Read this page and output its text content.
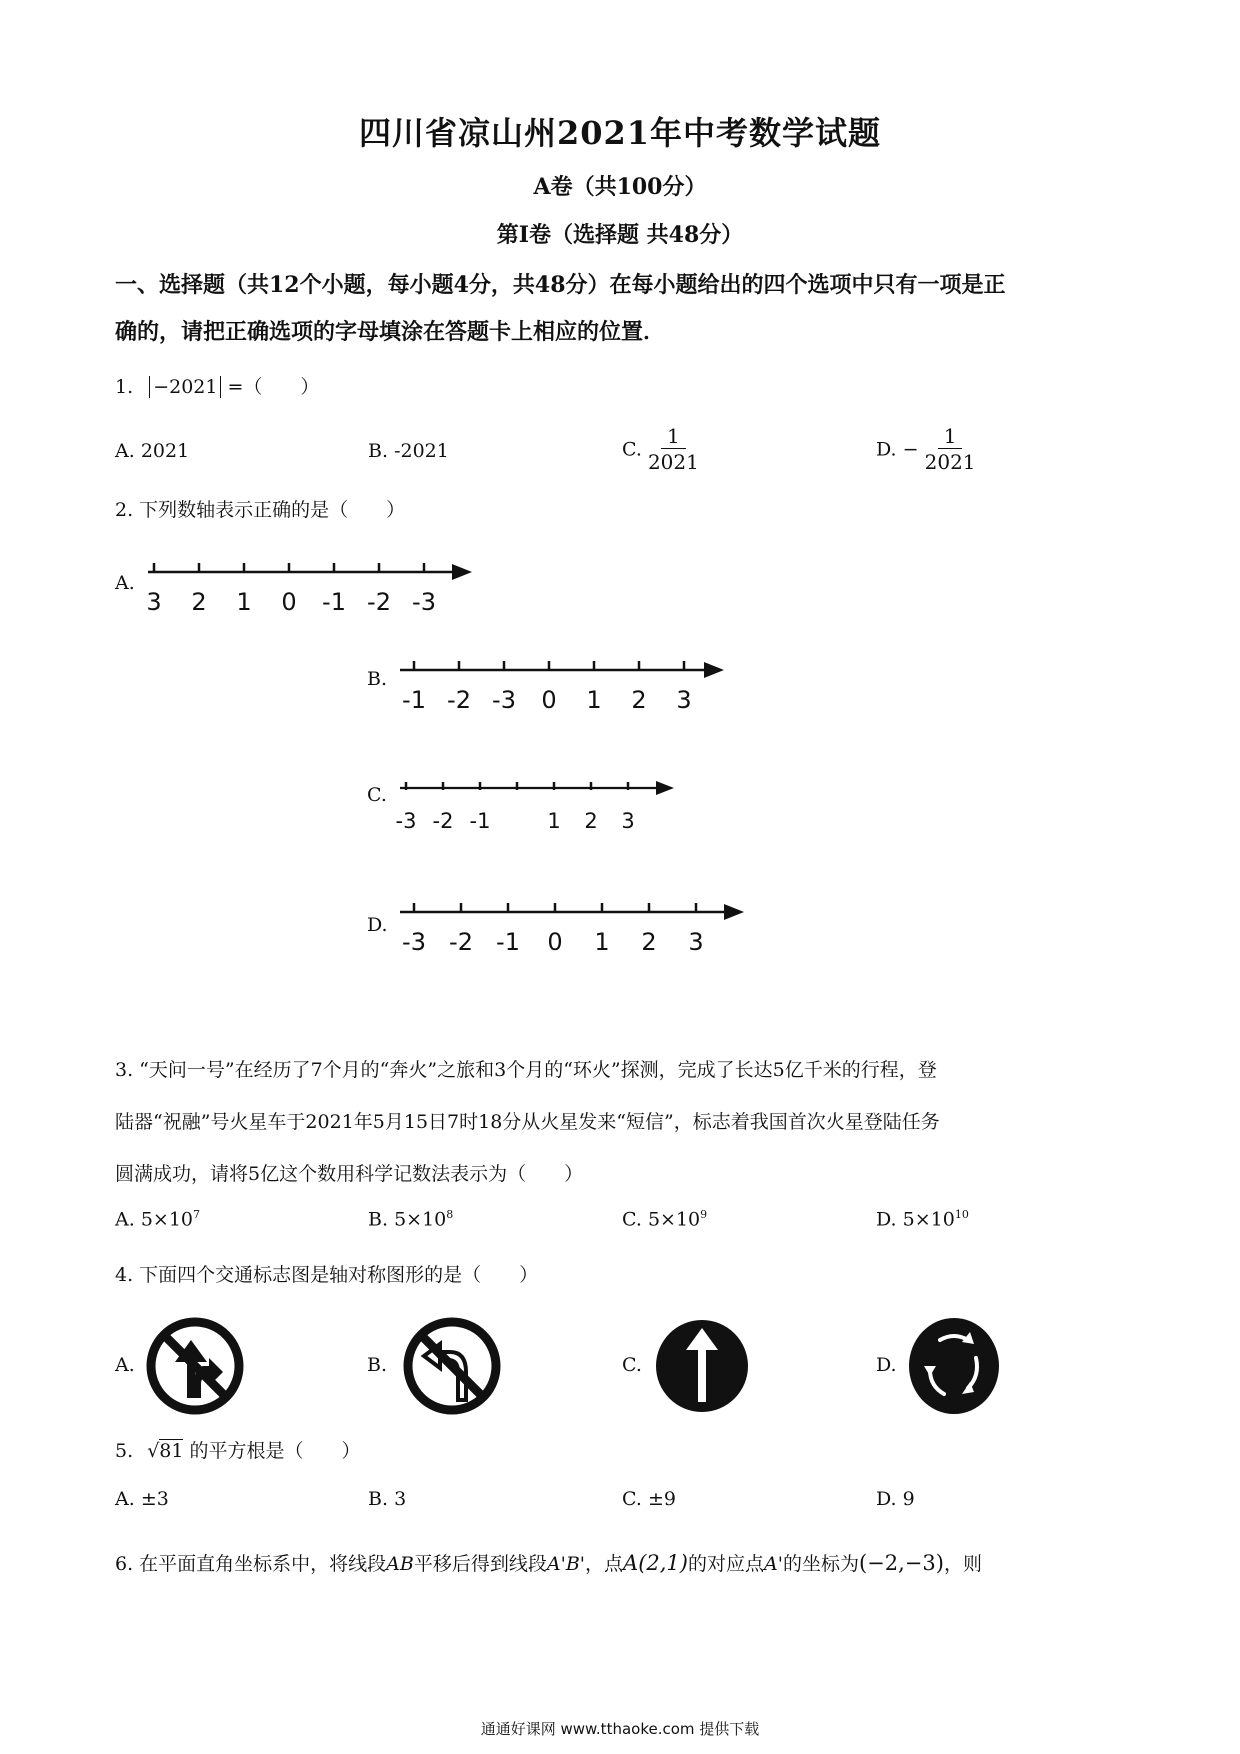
四川省凉山州2021年中考数学试题
A卷（共100分）
第I卷（选择题 共48分）
一、选择题（共12个小题，每小题4分，共48分）在每小题给出的四个选项中只有一项是正
确的，请把正确选项的字母填涂在答题卡上相应的位置．
1. −2021 =（　　）
A. 2021	B. -2021	C. $\frac{1}{2021}$	D. − $\frac{1}{2021}$
2. 下列数轴表示正确的是（　　）
A.
3 2 1 0 -1 -2 -3
B.
-1 -2 -3 0 1 2 3
C.
-3 -2 -1	1 2 3
D.
-3 -2 -1 0 1 2 3
3. “天问一号”在经历了7个月的“奔火”之旅和3个月的“环火”探测，完成了长达5亿千米的行程，登
陆器“祝融”号火星车于2021年5月15日7时18分从火星发来“短信”，标志着我国首次火星登陆任务
圆满成功，请将5亿这个数用科学记数法表示为（　　）
A. $5\times 10^7$	B. $5\times 10^8$	C. $5\times 10^9$	D. $5\times 10^{10}$
4. 下面四个交通标志图是轴对称图形的是（　　）
A.	B.	C.	D.
5. √81 的平方根是（　　）
A. ±3	B. 3	C. ±9	D. 9
6. 在平面直角坐标系中，将线段AB平移后得到线段A'B'，点A(2,1)的对应点A'的坐标为(−2,−3)，则
通通好课网 www.tthaoke.com 提供下载
